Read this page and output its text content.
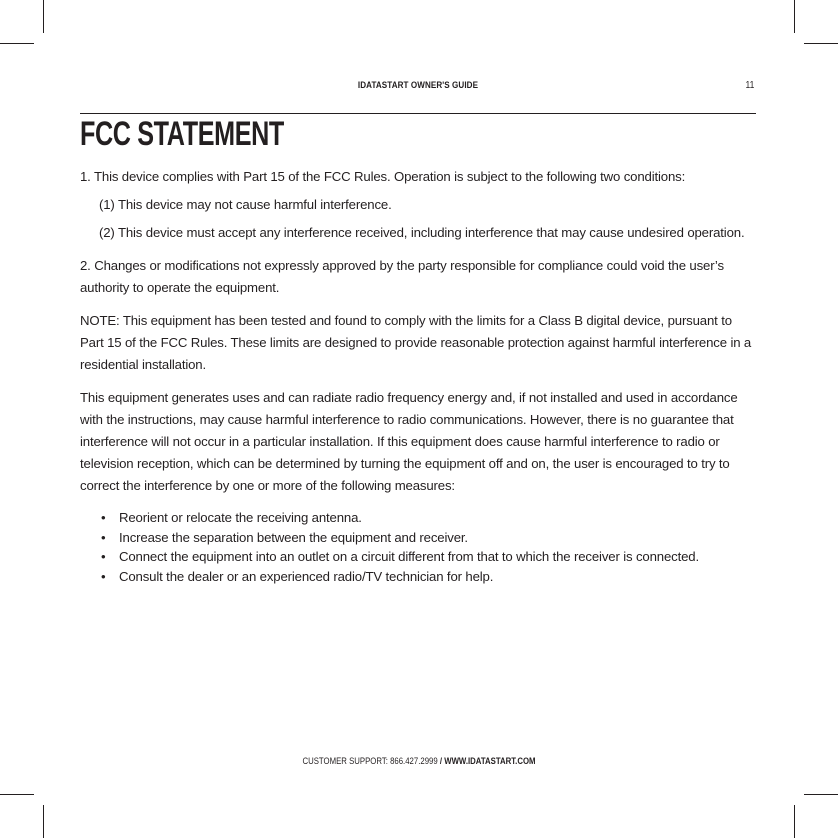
IDATASTART OWNER'S GUIDE	11
FCC STATEMENT

1. This device complies with Part 15 of the FCC Rules. Operation is subject to the following two conditions:

(1) This device may not cause harmful interference.

(2) This device must accept any interference received, including interference that may cause undesired operation.

2. Changes or modifications not expressly approved by the party responsible for compliance could void the user’s authority to operate the equipment.

NOTE: This equipment has been tested and found to comply with the limits for a Class B digital device, pursuant to Part 15 of the FCC Rules. These limits are designed to provide reasonable protection against harmful interference in a residential installation.

This equipment generates uses and can radiate radio frequency energy and, if not installed and used in accordance with the instructions, may cause harmful interference to radio communications. However, there is no guarantee that interference will not occur in a particular installation. If this equipment does cause harmful interference to radio or television reception, which can be determined by turning the equipment off and on, the user is encouraged to try to correct the interference by one or more of the following measures:

• Reorient or relocate the receiving antenna.
• Increase the separation between the equipment and receiver.
• Connect the equipment into an outlet on a circuit different from that to which the receiver is connected.
• Consult the dealer or an experienced radio/TV technician for help.
CUSTOMER SUPPORT: 866.427.2999 / WWW.IDATASTART.COM
